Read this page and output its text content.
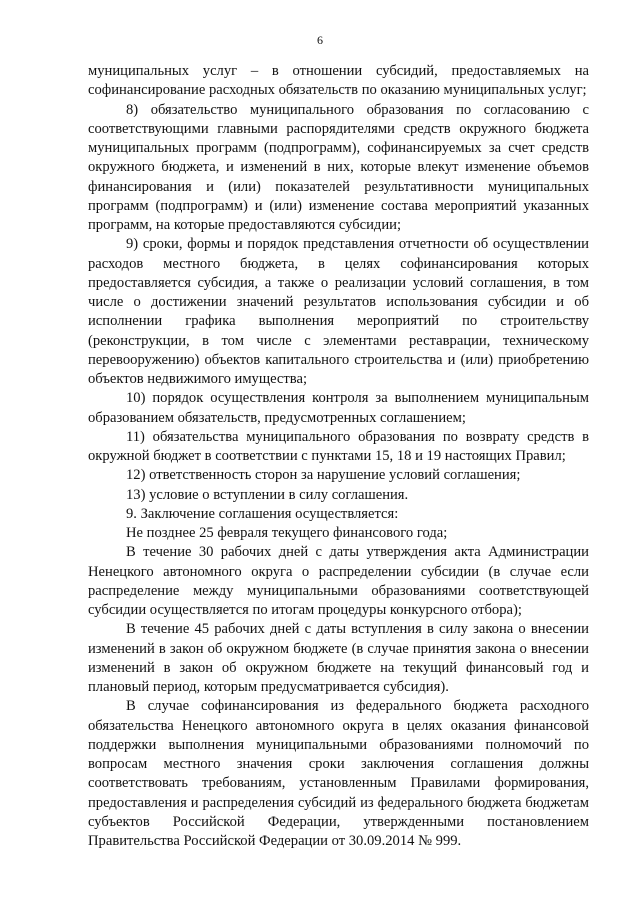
6

муниципальных услуг – в отношении субсидий, предоставляемых на софинансирование расходных обязательств по оказанию муниципальных услуг;

8) обязательство муниципального образования по согласованию с соответствующими главными распорядителями средств окружного бюджета муниципальных программ (подпрограмм), софинансируемых за счет средств окружного бюджета, и изменений в них, которые влекут изменение объемов финансирования и (или) показателей результативности муниципальных программ (подпрограмм) и (или) изменение состава мероприятий указанных программ, на которые предоставляются субсидии;

9) сроки, формы и порядок представления отчетности об осуществлении расходов местного бюджета, в целях софинансирования которых предоставляется субсидия, а также о реализации условий соглашения, в том числе о достижении значений результатов использования субсидии и об исполнении графика выполнения мероприятий по строительству (реконструкции, в том числе с элементами реставрации, техническому перевооружению) объектов капитального строительства и (или) приобретению объектов недвижимого имущества;

10) порядок осуществления контроля за выполнением муниципальным образованием обязательств, предусмотренных соглашением;

11) обязательства муниципального образования по возврату средств в окружной бюджет в соответствии с пунктами 15, 18 и 19 настоящих Правил;

12) ответственность сторон за нарушение условий соглашения;

13) условие о вступлении в силу соглашения.

9. Заключение соглашения осуществляется:

Не позднее 25 февраля текущего финансового года;

В течение 30 рабочих дней с даты утверждения акта Администрации Ненецкого автономного округа о распределении субсидии (в случае если распределение между муниципальными образованиями соответствующей субсидии осуществляется по итогам процедуры конкурсного отбора);

В течение 45 рабочих дней с даты вступления в силу закона о внесении изменений в закон об окружном бюджете (в случае принятия закона о внесении изменений в закон об окружном бюджете на текущий финансовый год и плановый период, которым предусматривается субсидия).

В случае софинансирования из федерального бюджета расходного обязательства Ненецкого автономного округа в целях оказания финансовой поддержки выполнения муниципальными образованиями полномочий по вопросам местного значения сроки заключения соглашения должны соответствовать требованиям, установленным Правилами формирования, предоставления и распределения субсидий из федерального бюджета бюджетам субъектов Российской Федерации, утвержденными постановлением Правительства Российской Федерации от 30.09.2014 № 999.
